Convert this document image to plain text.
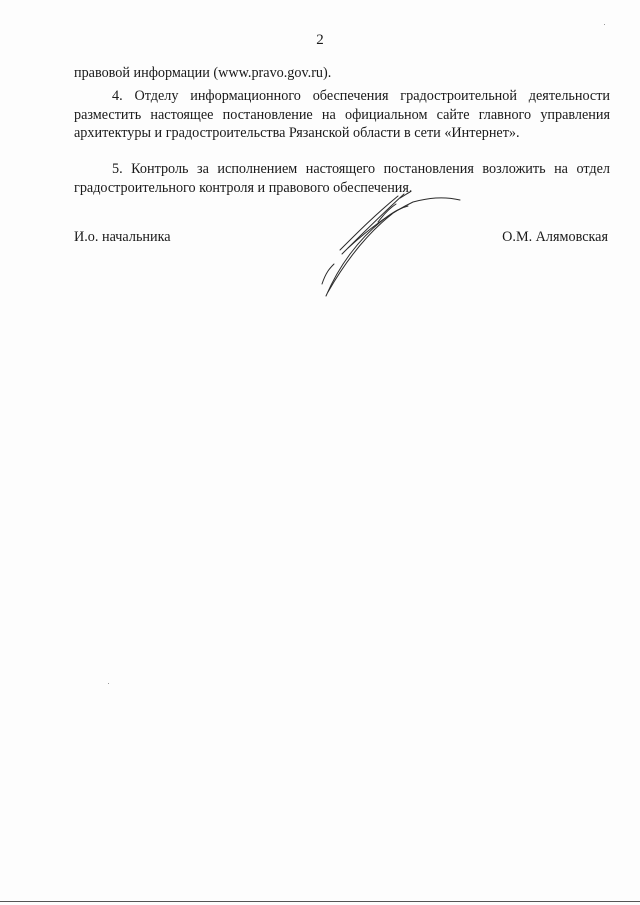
2

правовой информации (www.pravo.gov.ru).

4. Отделу информационного обеспечения градостроительной деятельности разместить настоящее постановление на официальном сайте главного управления архитектуры и градостроительства Рязанской области в сети «Интернет».

5. Контроль за исполнением настоящего постановления возложить на отдел градостроительного контроля и правового обеспечения.

И.о. начальника	О.М. Алямовская
